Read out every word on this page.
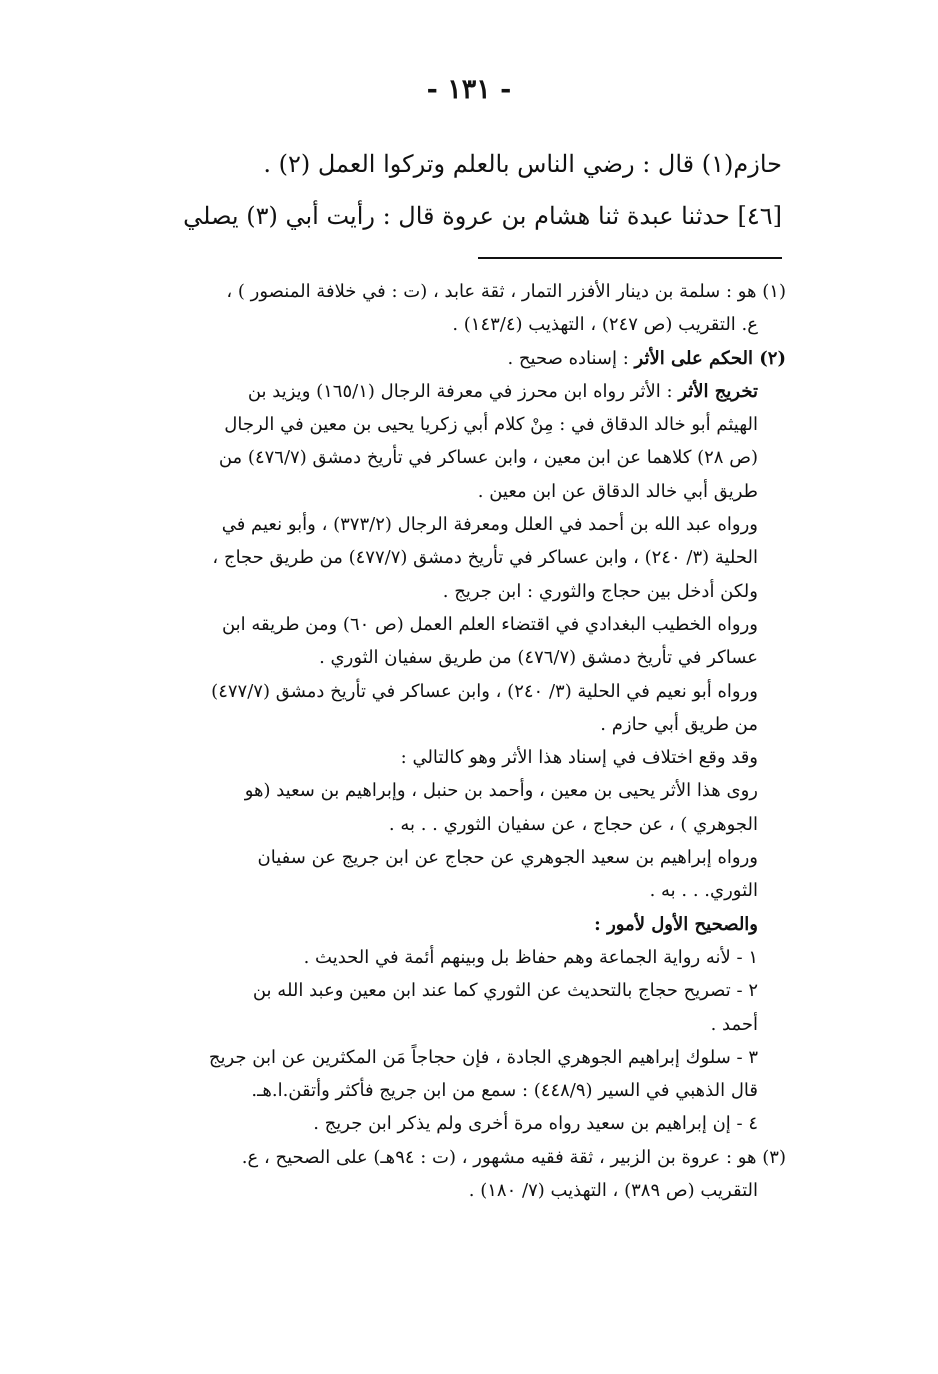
- ١٣١ -
حازم(١) قال : رضي الناس بالعلم وتركوا العمل (٢) .
[٤٦] حدثنا عبدة ثنا هشام بن عروة قال : رأيت أبي (٣) يصلي
(١) هو : سلمة بن دينار الأفزر التمار ، ثقة عابد ، (ت : في خلافة المنصور ) ،
ع. التقريب (ص ٢٤٧) ، التهذيب (١٤٣/٤) .
(٢) الحكم على الأثر : إسناده صحيح .
تخريج الأثر : الأثر رواه ابن محرز في معرفة الرجال (١٦٥/١) ويزيد بن
الهيثم أبو خالد الدقاق في : مِنْ كلام أبي زكريا يحيى بن معين في الرجال
(ص ٢٨) كلاهما عن ابن معين ، وابن عساكر في تأريخ دمشق (٤٧٦/٧) من
طريق أبي خالد الدقاق عن ابن معين .
ورواه عبد الله بن أحمد في العلل ومعرفة الرجال (٣٧٣/٢) ، وأبو نعيم في
الحلية (٣/ ٢٤٠) ، وابن عساكر في تأريخ دمشق (٤٧٧/٧) من طريق حجاج ،
ولكن أدخل بين حجاج والثوري : ابن جريج .
ورواه الخطيب البغدادي في اقتضاء العلم العمل (ص ٦٠) ومن طريقه ابن
عساكر في تأريخ دمشق (٤٧٦/٧) من طريق سفيان الثوري .
ورواه أبو نعيم في الحلية (٣/ ٢٤٠) ، وابن عساكر في تأريخ دمشق (٤٧٧/٧)
من طريق أبي حازم .
وقد وقع اختلاف في إسناد هذا الأثر وهو كالتالي :
روى هذا الأثر يحيى بن معين ، وأحمد بن حنبل ، وإبراهيم بن سعيد (هو
الجوهري ) ، عن حجاج ، عن سفيان الثوري . . به .
ورواه إبراهيم بن سعيد الجوهري عن حجاج عن ابن جريج عن سفيان
الثوري. . . به .
والصحيح الأول لأمور :
١ - لأنه رواية الجماعة وهم حفاظ بل وبينهم أئمة في الحديث .
٢ - تصريح حجاج بالتحديث عن الثوري كما عند ابن معين وعبد الله بن
أحمد .
٣ - سلوك إبراهيم الجوهري الجادة ، فإن حجاجاً مَن المكثرين عن ابن جريج
قال الذهبي في السير (٤٤٨/٩) : سمع من ابن جريج فأكثر وأتقن.ا.هـ.
٤ - إن إبراهيم بن سعيد رواه مرة أخرى ولم يذكر ابن جريج .
(٣) هو : عروة بن الزبير ، ثقة فقيه مشهور ، (ت : ٩٤هـ) على الصحيح ، ع.
التقريب (ص ٣٨٩) ، التهذيب (٧/ ١٨٠) .
